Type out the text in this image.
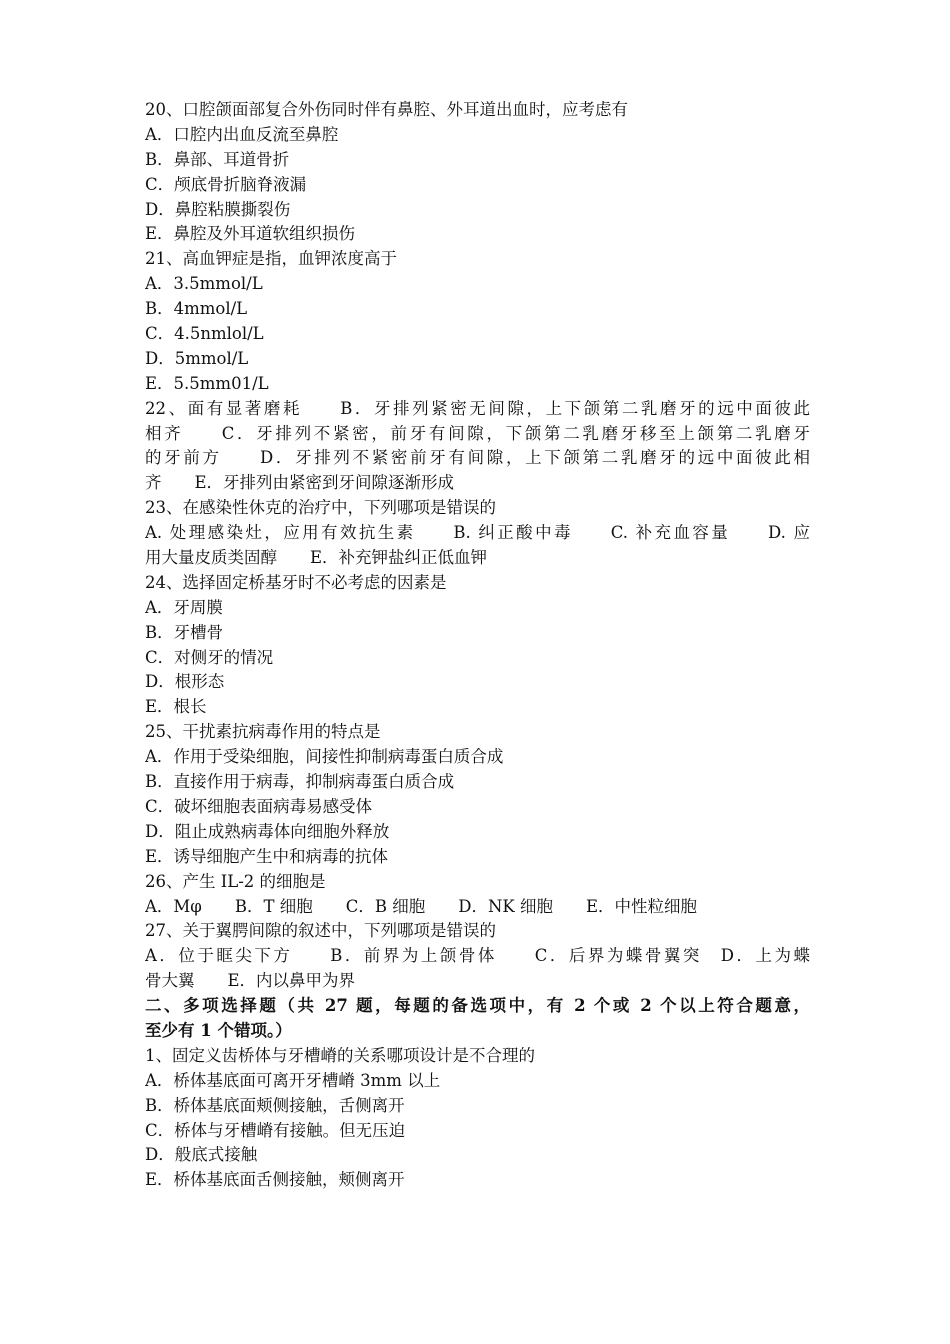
20、口腔颌面部复合外伤同时伴有鼻腔、外耳道出血时，应考虑有
A．口腔内出血反流至鼻腔
B．鼻部、耳道骨折
C．颅底骨折脑脊液漏
D．鼻腔粘膜撕裂伤
E．鼻腔及外耳道软组织损伤
21、高血钾症是指，血钾浓度高于
A．3.5mmol/L
B．4mmol/L
C．4.5nmlol/L
D．5mmol/L
E．5.5mm01/L
22、面有显著磨耗　　B．牙排列紧密无间隙，上下颌第二乳磨牙的远中面彼此
相齐　　C．牙排列不紧密，前牙有间隙，下颌第二乳磨牙移至上颌第二乳磨牙
的牙前方　　D．牙排列不紧密前牙有间隙，上下颌第二乳磨牙的远中面彼此相
齐　　E．牙排列由紧密到牙间隙逐渐形成
23、在感染性休克的治疗中，下列哪项是错误的
A. 处理感染灶，应用有效抗生素　　B. 纠正酸中毒　　C. 补充血容量　　D. 应
用大量皮质类固醇　　E．补充钾盐纠正低血钾
24、选择固定桥基牙时不必考虑的因素是
A．牙周膜
B．牙槽骨
C．对侧牙的情况
D．根形态
E．根长
25、干扰素抗病毒作用的特点是
A．作用于受染细胞，间接性抑制病毒蛋白质合成
B．直接作用于病毒，抑制病毒蛋白质合成
C．破坏细胞表面病毒易感受体
D．阻止成熟病毒体向细胞外释放
E．诱导细胞产生中和病毒的抗体
26、产生 IL-2 的细胞是
A．Mφ　　B．T 细胞　　C．B 细胞　　D．NK 细胞　　E．中性粒细胞
27、关于翼腭间隙的叙述中，下列哪项是错误的
A．位于眶尖下方　　B．前界为上颌骨体　　C．后界为蝶骨翼突　D．上为蝶
骨大翼　　E．内以鼻甲为界
二、多项选择题（共 27 题，每题的备选项中，有 2 个或 2 个以上符合题意，
至少有 1 个错项。）
1、固定义齿桥体与牙槽嵴的关系哪项设计是不合理的
A．桥体基底面可离开牙槽嵴 3mm 以上
B．桥体基底面颊侧接触，舌侧离开
C．桥体与牙槽嵴有接触。但无压迫
D．般底式接触
E．桥体基底面舌侧接触，颊侧离开
